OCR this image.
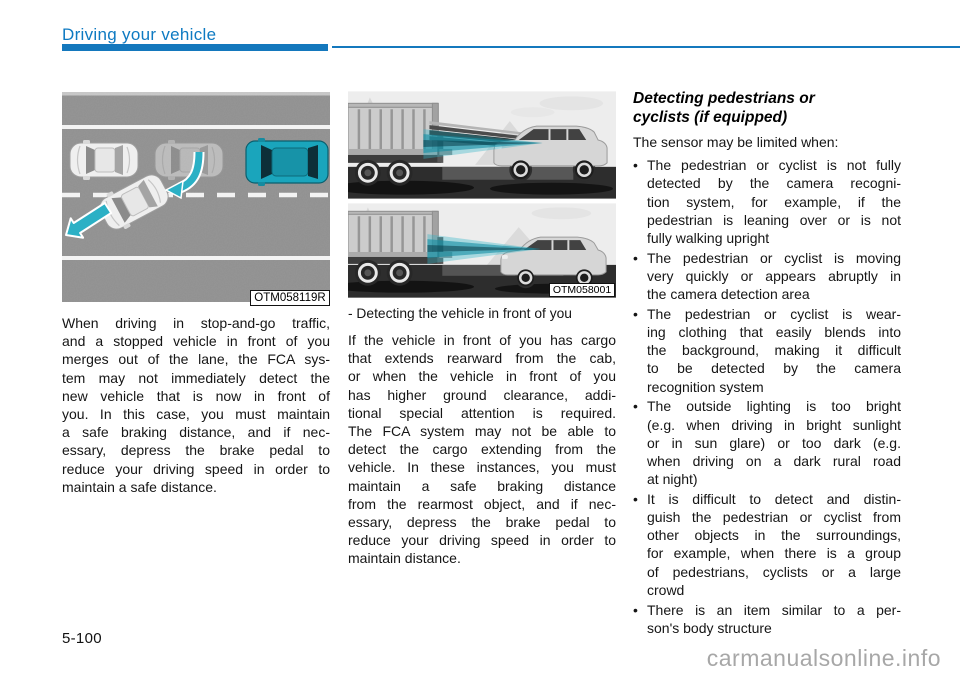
Driving your vehicle
OTM058119R
When driving in stop-and-go traffic,
and a stopped vehicle in front of you
merges out of the lane, the FCA sys-
tem may not immediately detect the
new vehicle that is now in front of
you. In this case, you must maintain
a safe braking distance, and if nec-
essary, depress the brake pedal to
reduce your driving speed in order to
maintain a safe distance.
OTM058001
- Detecting the vehicle in front of you
If the vehicle in front of you has cargo
that extends rearward from the cab,
or when the vehicle in front of you
has higher ground clearance, addi-
tional special attention is required.
The FCA system may not be able to
detect the cargo extending from the
vehicle. In these instances, you must
maintain a safe braking distance
from the rearmost object, and if nec-
essary, depress the brake pedal to
reduce your driving speed in order to
maintain distance.
Detecting pedestrians or
cyclists (if equipped)
The sensor may be limited when:
• The pedestrian or cyclist is not fully
detected by the camera recogni-
tion system, for example, if the
pedestrian is leaning over or is not
fully walking upright
• The pedestrian or cyclist is moving
very quickly or appears abruptly in
the camera detection area
• The pedestrian or cyclist is wear-
ing clothing that easily blends into
the background, making it difficult
to be detected by the camera
recognition system
• The outside lighting is too bright
(e.g. when driving in bright sunlight
or in sun glare) or too dark (e.g.
when driving on a dark rural road
at night)
• It is difficult to detect and distin-
guish the pedestrian or cyclist from
other objects in the surroundings,
for example, when there is a group
of pedestrians, cyclists or a large
crowd
• There is an item similar to a per-
son's body structure
5-100
carmanualsonline.info
